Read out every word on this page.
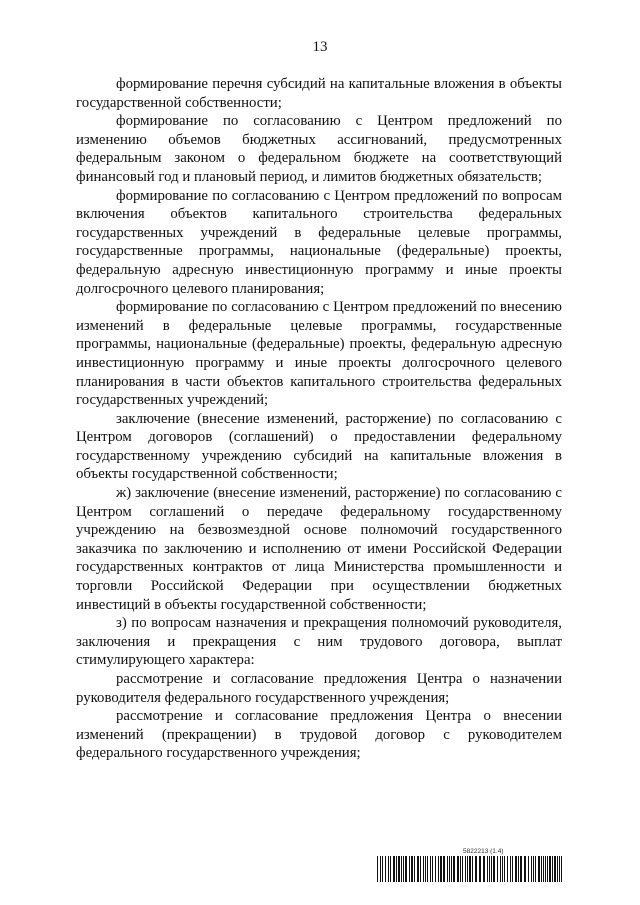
13

формирование перечня субсидий на капитальные вложения в объекты государственной собственности;

формирование по согласованию с Центром предложений по изменению объемов бюджетных ассигнований, предусмотренных федеральным законом о федеральном бюджете на соответствующий финансовый год и плановый период, и лимитов бюджетных обязательств;

формирование по согласованию с Центром предложений по вопросам включения объектов капитального строительства федеральных государственных учреждений в федеральные целевые программы, государственные программы, национальные (федеральные) проекты, федеральную адресную инвестиционную программу и иные проекты долгосрочного целевого планирования;

формирование по согласованию с Центром предложений по внесению изменений в федеральные целевые программы, государственные программы, национальные (федеральные) проекты, федеральную адресную инвестиционную программу и иные проекты долгосрочного целевого планирования в части объектов капитального строительства федеральных государственных учреждений;

заключение (внесение изменений, расторжение) по согласованию с Центром договоров (соглашений) о предоставлении федеральному государственному учреждению субсидий на капитальные вложения в объекты государственной собственности;

ж) заключение (внесение изменений, расторжение) по согласованию с Центром соглашений о передаче федеральному государственному учреждению на безвозмездной основе полномочий государственного заказчика по заключению и исполнению от имени Российской Федерации государственных контрактов от лица Министерства промышленности и торговли Российской Федерации при осуществлении бюджетных инвестиций в объекты государственной собственности;

з) по вопросам назначения и прекращения полномочий руководителя, заключения и прекращения с ним трудового договора, выплат стимулирующего характера:

рассмотрение и согласование предложения Центра о назначении руководителя федерального государственного учреждения;

рассмотрение и согласование предложения Центра о внесении изменений (прекращении) в трудовой договор с руководителем федерального государственного учреждения;

5822213 (1.4)
